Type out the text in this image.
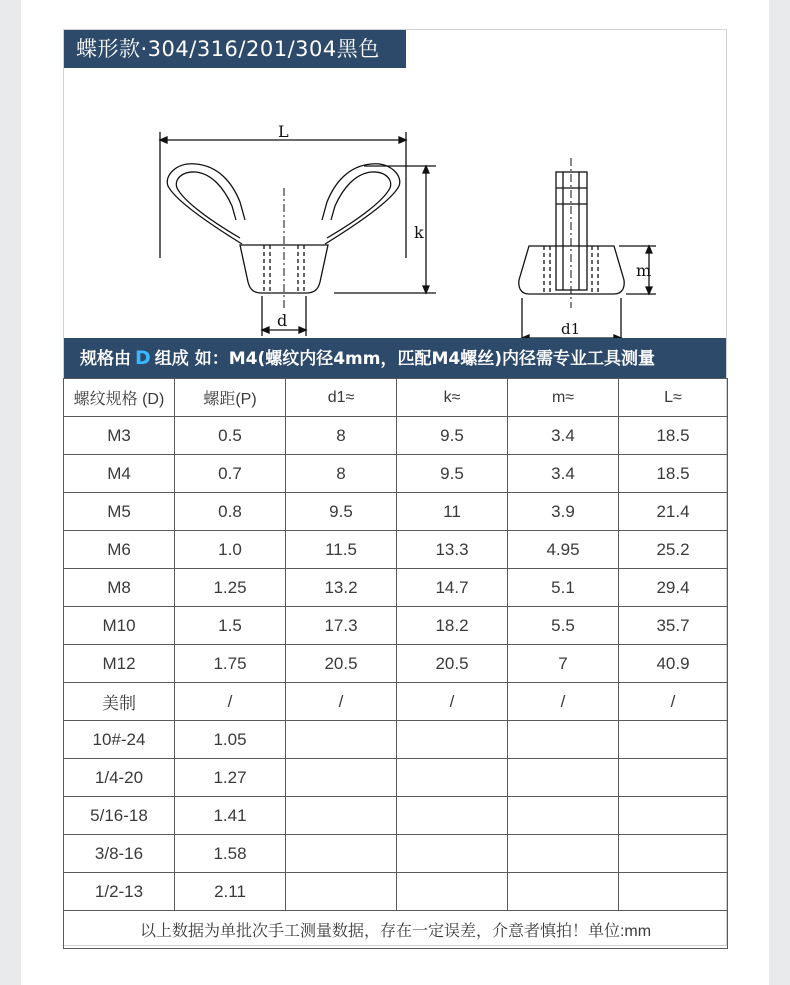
蝶形款·304/316/201/304黑色
L
k
d	d1
m
规格由 D 组成 如：M4(螺纹内径4mm，匹配M4螺丝)内径需专业工具测量
螺纹规格 (D)	螺距(P)	d1≈	k≈	m≈	L≈
M3	0.5	8	9.5	3.4	18.5
M4	0.7	8	9.5	3.4	18.5
M5	0.8	9.5	11	3.9	21.4
M6	1.0	11.5	13.3	4.95	25.2
M8	1.25	13.2	14.7	5.1	29.4
M10	1.5	17.3	18.2	5.5	35.7
M12	1.75	20.5	20.5	7	40.9
美制	/	/	/	/	/
10#-24	1.05				
1/4-20	1.27				
5/16-18	1.41				
3/8-16	1.58				
1/2-13	2.11				
以上数据为单批次手工测量数据，存在一定误差，介意者慎拍！单位:mm					
